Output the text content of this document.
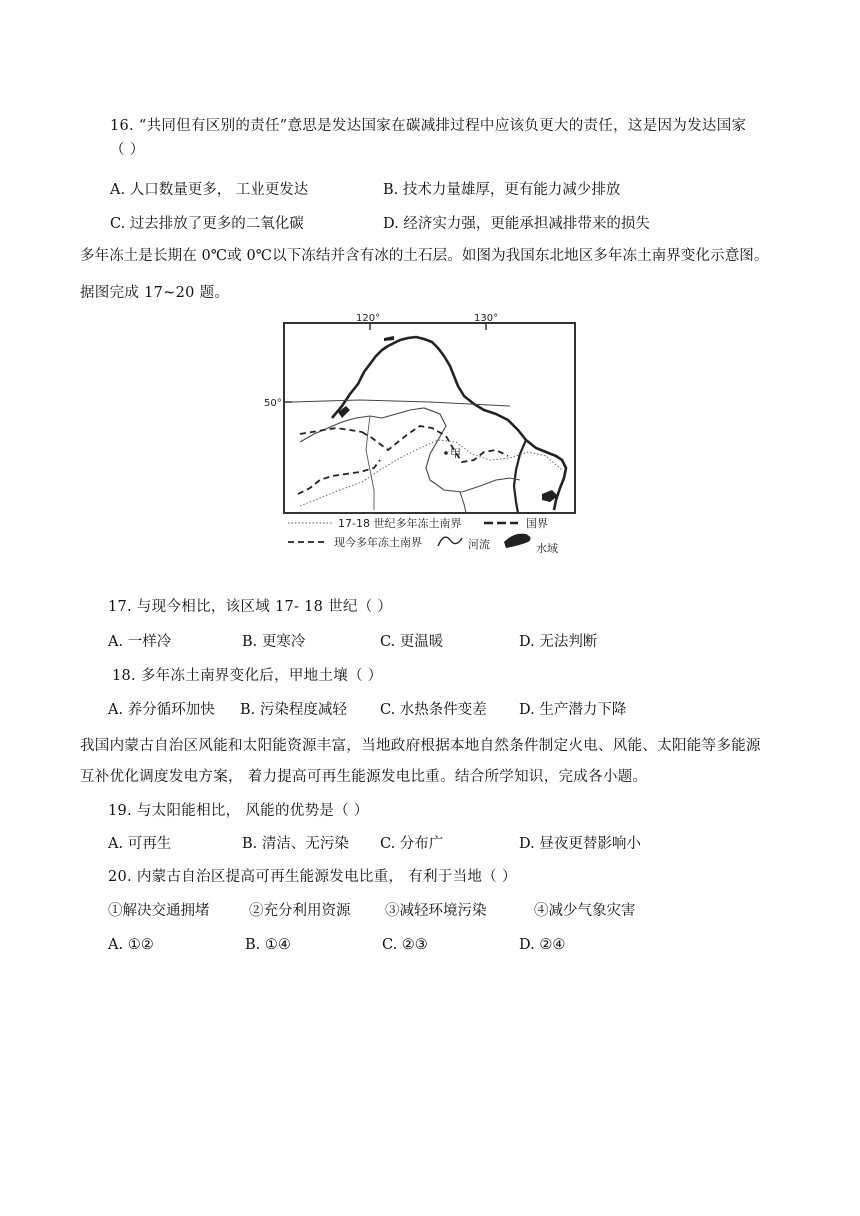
16. “共同但有区别的责任”意思是发达国家在碳减排过程中应该负更大的责任，这是因为发达国家
（ ）
A. 人口数量更多， 工业更发达	B. 技术力量雄厚，更有能力减少排放
C. 过去排放了更多的二氧化碳	D. 经济实力强，更能承担减排带来的损失
多年冻土是长期在 0℃或 0℃以下冻结并含有冰的土石层。如图为我国东北地区多年冻土南界变化示意图。
据图完成 17~20 题。
120°	130°
50°
甲
17-18 世纪多年冻土南界	国界
现今多年冻土南界	河流	水域
17. 与现今相比，该区域 17- 18 世纪（ ）
A. 一样冷	B. 更寒冷	C. 更温暖	D. 无法判断
18. 多年冻土南界变化后，甲地土壤（ ）
A. 养分循环加快 B. 污染程度减轻 C. 水热条件变差 D. 生产潜力下降
我国内蒙古自治区风能和太阳能资源丰富，当地政府根据本地自然条件制定火电、风能、太阳能等多能源
互补优化调度发电方案， 着力提高可再生能源发电比重。结合所学知识，完成各小题。
19. 与太阳能相比， 风能的优势是（ ）
A. 可再生	B. 清洁、无污染 C. 分布广	D. 昼夜更替影响小
20. 内蒙古自治区提高可再生能源发电比重， 有利于当地（ ）
①解决交通拥堵	②充分利用资源 ③减轻环境污染	④减少气象灾害
A. ①②	B. ①④	C. ②③	D. ②④
